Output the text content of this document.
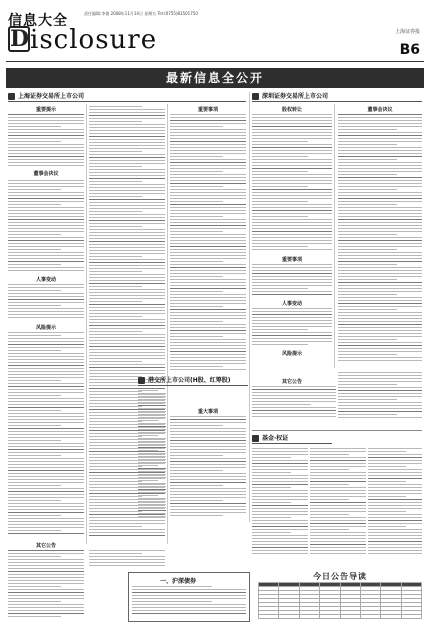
信息大全
D isclosure
责任编辑:李倩 2008年11月14日 星期五 Tel:(0755)83501750
上海证券报
B6
最新信息全公开
上海证券交易所上市公司
重要提示
董事会决议
人事变动
风险提示
重要事项
重大事项
其它公告
港交所上市公司(H股、红筹股)
深圳证券交易所上市公司
股权转让	董事会决议
重要事项
人事变动
风险提示
其它公告
基金·权证
一、沪深债券
今日公告导读
